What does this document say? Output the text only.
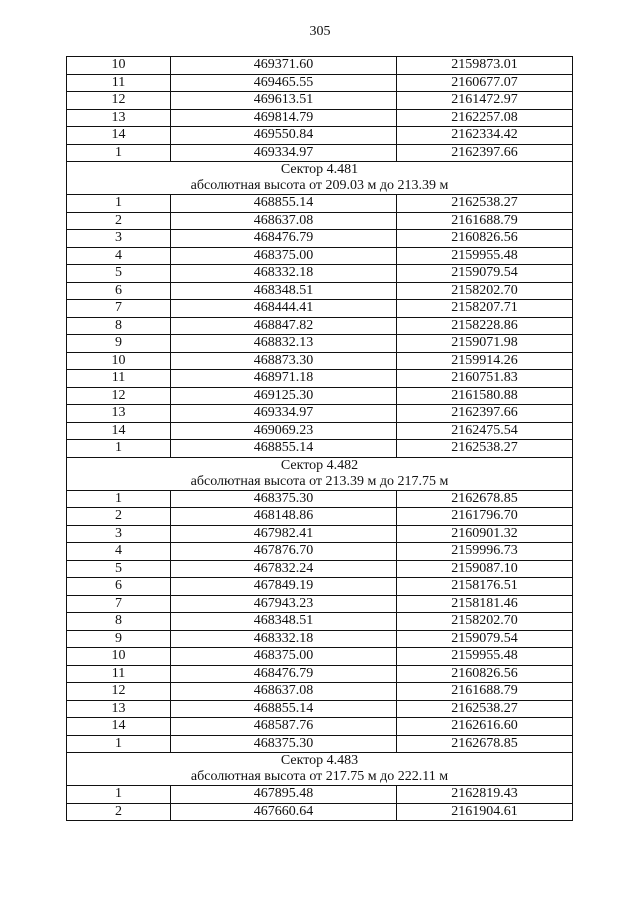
305
10	469371.60	2159873.01
11	469465.55	2160677.07
12	469613.51	2161472.97
13	469814.79	2162257.08
14	469550.84	2162334.42
1	469334.97	2162397.66

Сектор 4.481
абсолютная высота от 209.03 м до 213.39 м		

1	468855.14	2162538.27
2	468637.08	2161688.79
3	468476.79	2160826.56
4	468375.00	2159955.48
5	468332.18	2159079.54
6	468348.51	2158202.70
7	468444.41	2158207.71
8	468847.82	2158228.86
9	468832.13	2159071.98
10	468873.30	2159914.26
11	468971.18	2160751.83
12	469125.30	2161580.88
13	469334.97	2162397.66
14	469069.23	2162475.54
1	468855.14	2162538.27

Сектор 4.482
абсолютная высота от 213.39 м до 217.75 м		

1	468375.30	2162678.85
2	468148.86	2161796.70
3	467982.41	2160901.32
4	467876.70	2159996.73
5	467832.24	2159087.10
6	467849.19	2158176.51
7	467943.23	2158181.46
8	468348.51	2158202.70
9	468332.18	2159079.54
10	468375.00	2159955.48
11	468476.79	2160826.56
12	468637.08	2161688.79
13	468855.14	2162538.27
14	468587.76	2162616.60
1	468375.30	2162678.85

Сектор 4.483
абсолютная высота от 217.75 м до 222.11 м		

1	467895.48	2162819.43
2	467660.64	2161904.61
